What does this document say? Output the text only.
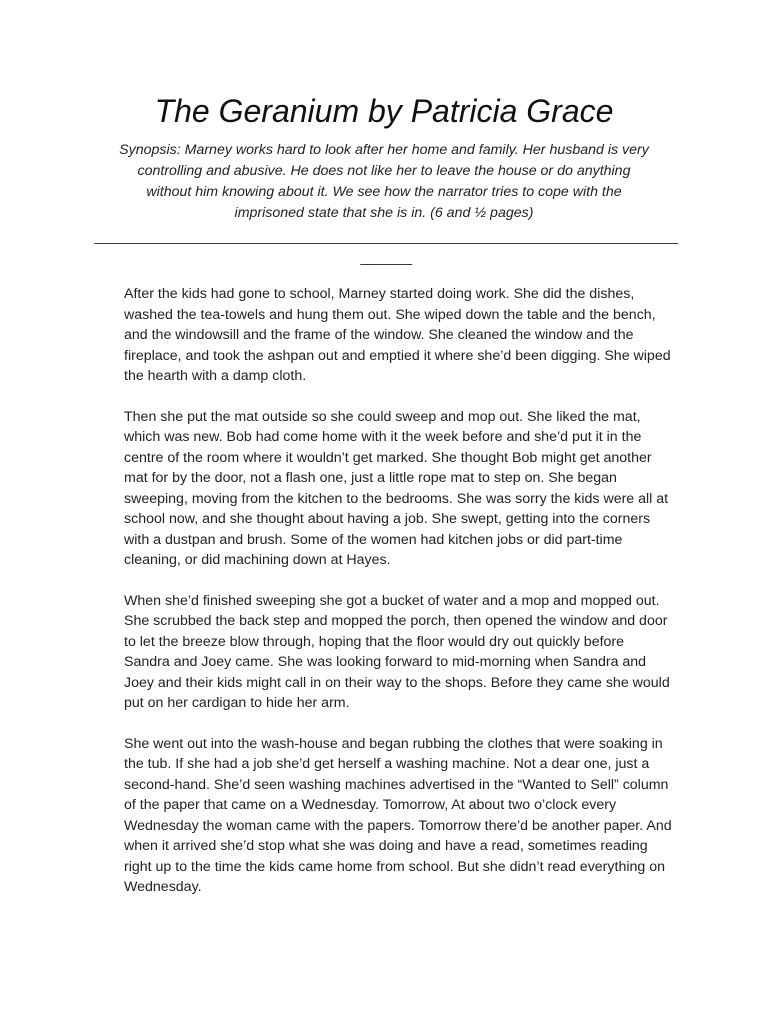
The Geranium by Patricia Grace

Synopsis: Marney works hard to look after her home and family. Her husband is very controlling and abusive. He does not like her to leave the house or do anything without him knowing about it. We see how the narrator tries to cope with the imprisoned state that she is in. (6 and ½ pages)

_______________________________________________________________________________________

After the kids had gone to school, Marney started doing work. She did the dishes, washed the tea-towels and hung them out. She wiped down the table and the bench, and the windowsill and the frame of the window. She cleaned the window and the fireplace, and took the ashpan out and emptied it where she’d been digging. She wiped the hearth with a damp cloth.

Then she put the mat outside so she could sweep and mop out. She liked the mat, which was new. Bob had come home with it the week before and she’d put it in the centre of the room where it wouldn’t get marked. She thought Bob might get another mat for by the door, not a flash one, just a little rope mat to step on. She began sweeping, moving from the kitchen to the bedrooms. She was sorry the kids were all at school now, and she thought about having a job. She swept, getting into the corners with a dustpan and brush. Some of the women had kitchen jobs or did part-time cleaning, or did machining down at Hayes.

When she’d finished sweeping she got a bucket of water and a mop and mopped out. She scrubbed the back step and mopped the porch, then opened the window and door to let the breeze blow through, hoping that the floor would dry out quickly before Sandra and Joey came. She was looking forward to mid-morning when Sandra and Joey and their kids might call in on their way to the shops. Before they came she would put on her cardigan to hide her arm.

She went out into the wash-house and began rubbing the clothes that were soaking in the tub. If she had a job she’d get herself a washing machine. Not a dear one, just a second-hand. She’d seen washing machines advertised in the “Wanted to Sell” column of the paper that came on a Wednesday. Tomorrow, At about two o’clock every Wednesday the woman came with the papers. Tomorrow there’d be another paper. And when it arrived she’d stop what she was doing and have a read, sometimes reading right up to the time the kids came home from school. But she didn’t read everything on Wednesday.
